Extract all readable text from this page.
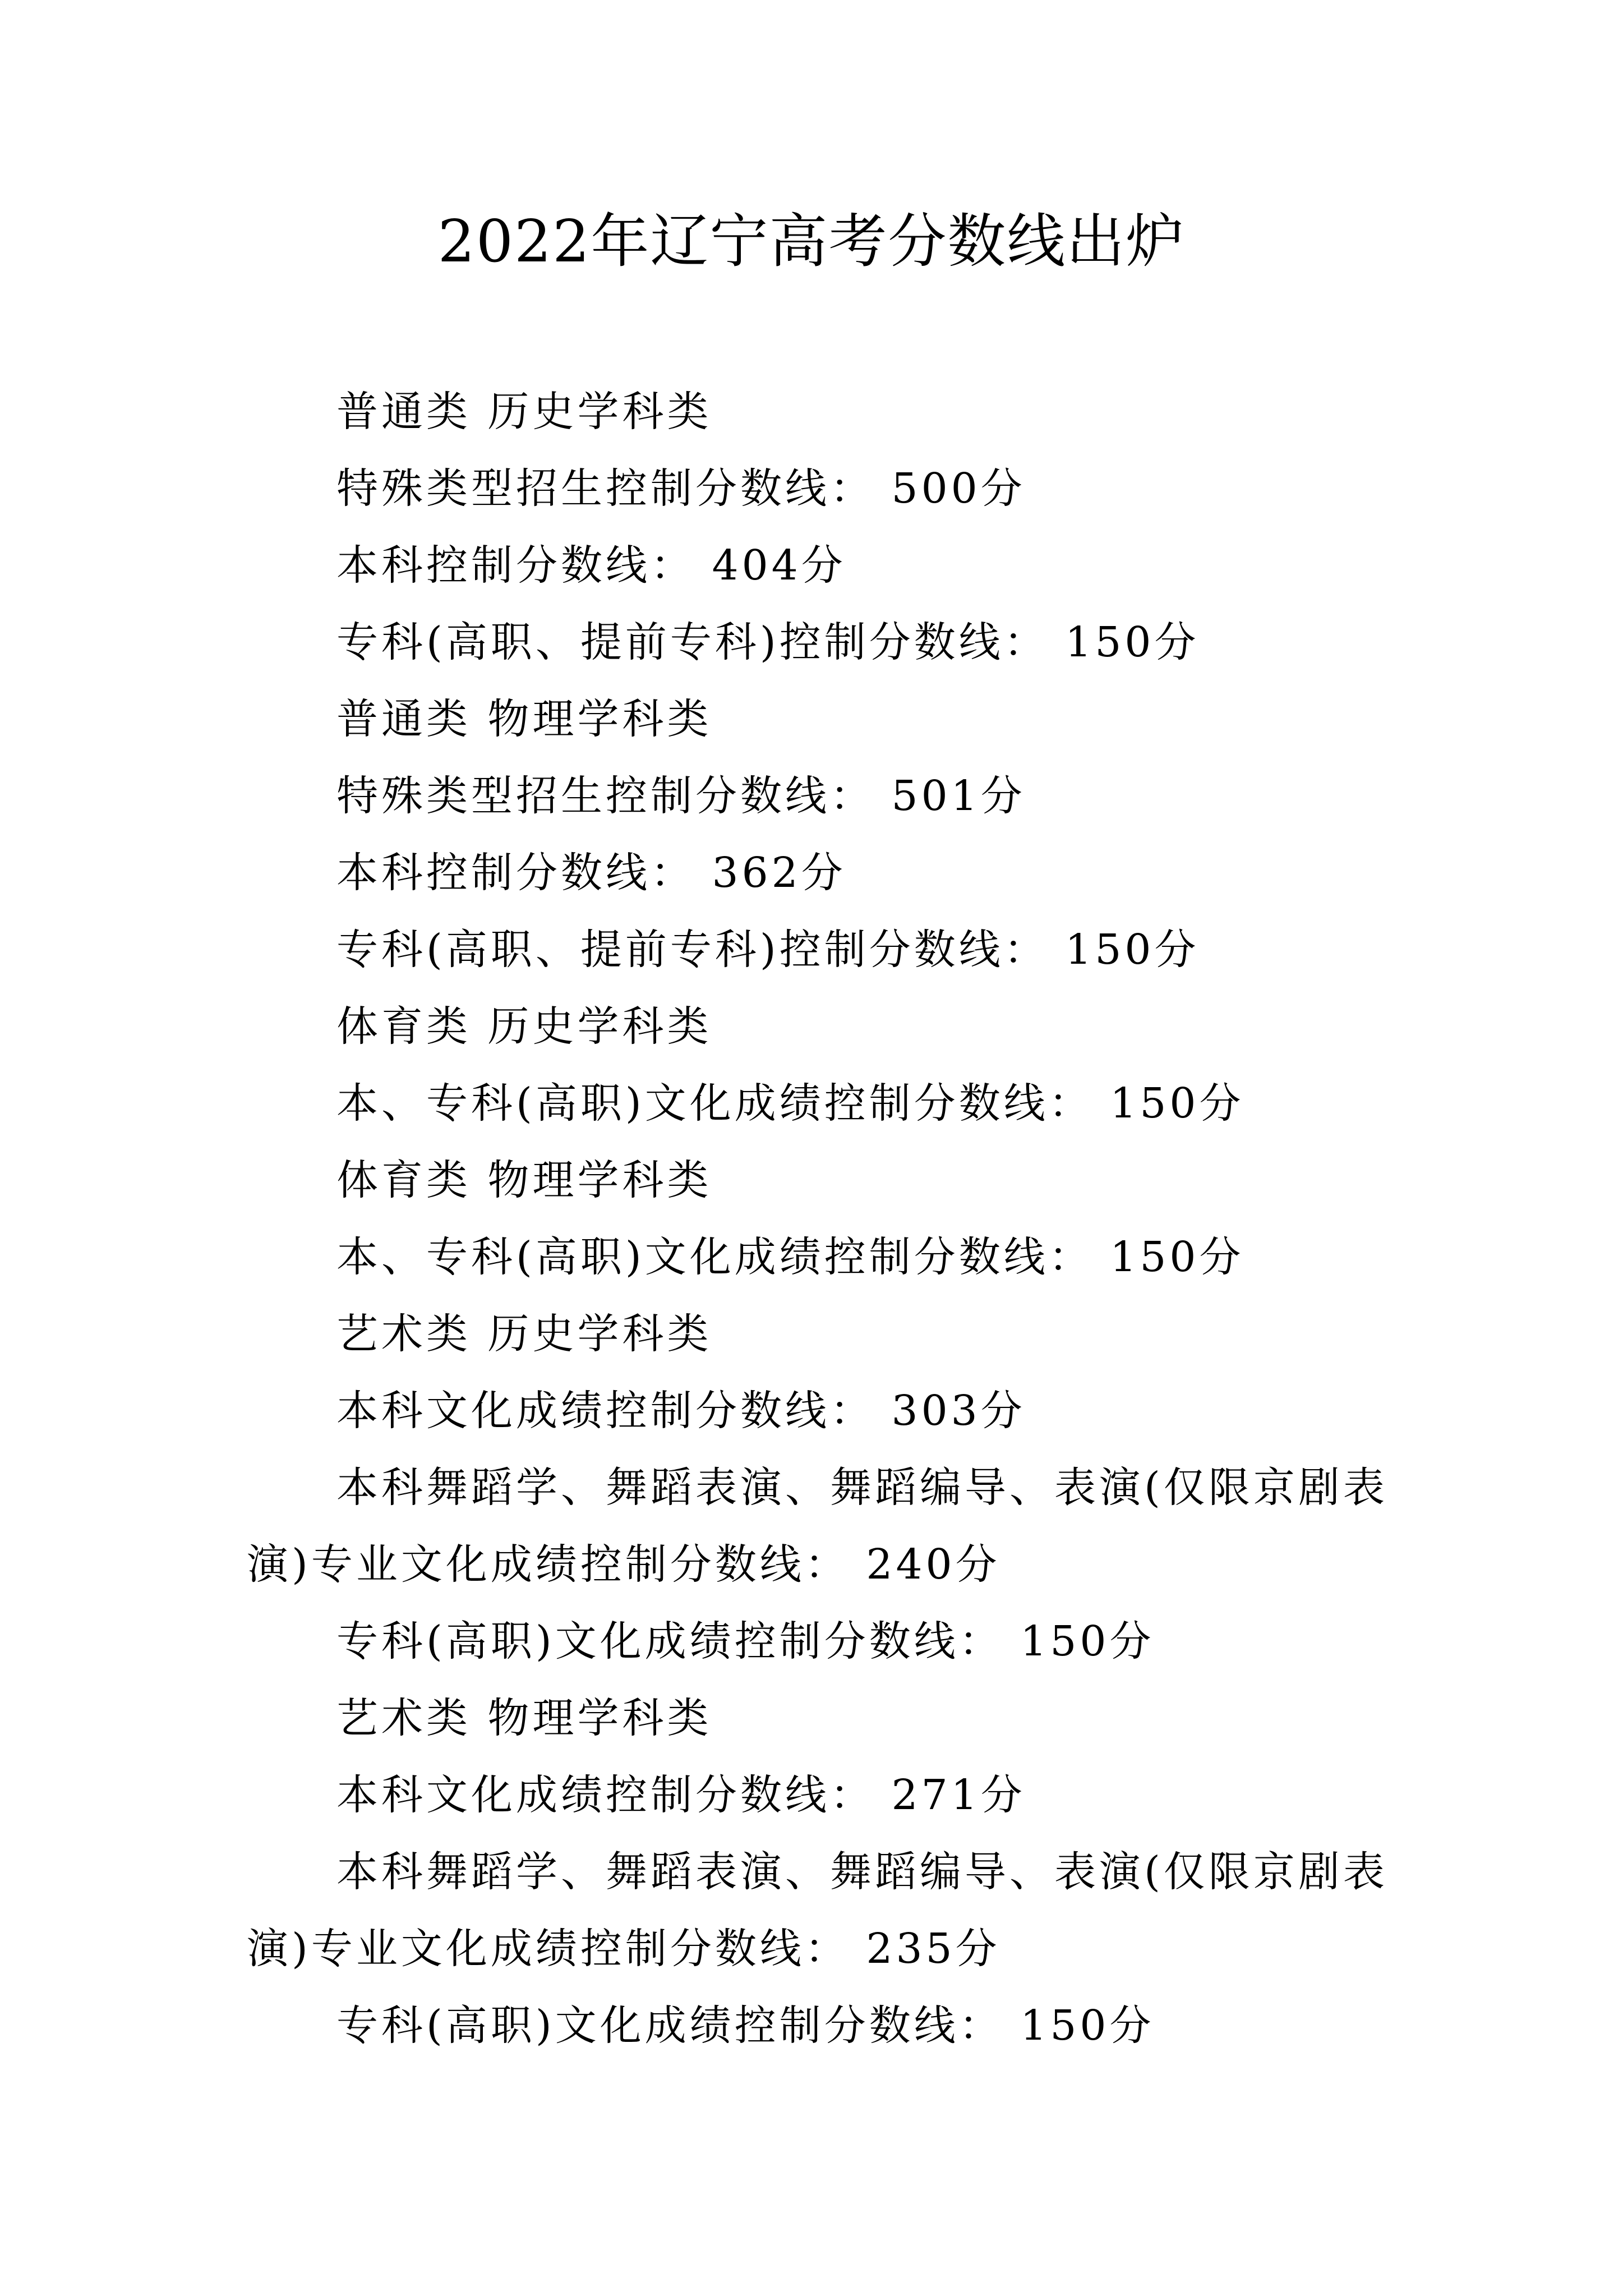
2022年辽宁高考分数线出炉
普通类 历史学科类
特殊类型招生控制分数线： 500分
本科控制分数线： 404分
专科(高职、提前专科)控制分数线： 150分
普通类 物理学科类
特殊类型招生控制分数线： 501分
本科控制分数线： 362分
专科(高职、提前专科)控制分数线： 150分
体育类 历史学科类
本、专科(高职)文化成绩控制分数线： 150分
体育类 物理学科类
本、专科(高职)文化成绩控制分数线： 150分
艺术类 历史学科类
本科文化成绩控制分数线： 303分
本科舞蹈学、舞蹈表演、舞蹈编导、表演(仅限京剧表
演)专业文化成绩控制分数线： 240分
专科(高职)文化成绩控制分数线： 150分
艺术类 物理学科类
本科文化成绩控制分数线： 271分
本科舞蹈学、舞蹈表演、舞蹈编导、表演(仅限京剧表
演)专业文化成绩控制分数线： 235分
专科(高职)文化成绩控制分数线： 150分
